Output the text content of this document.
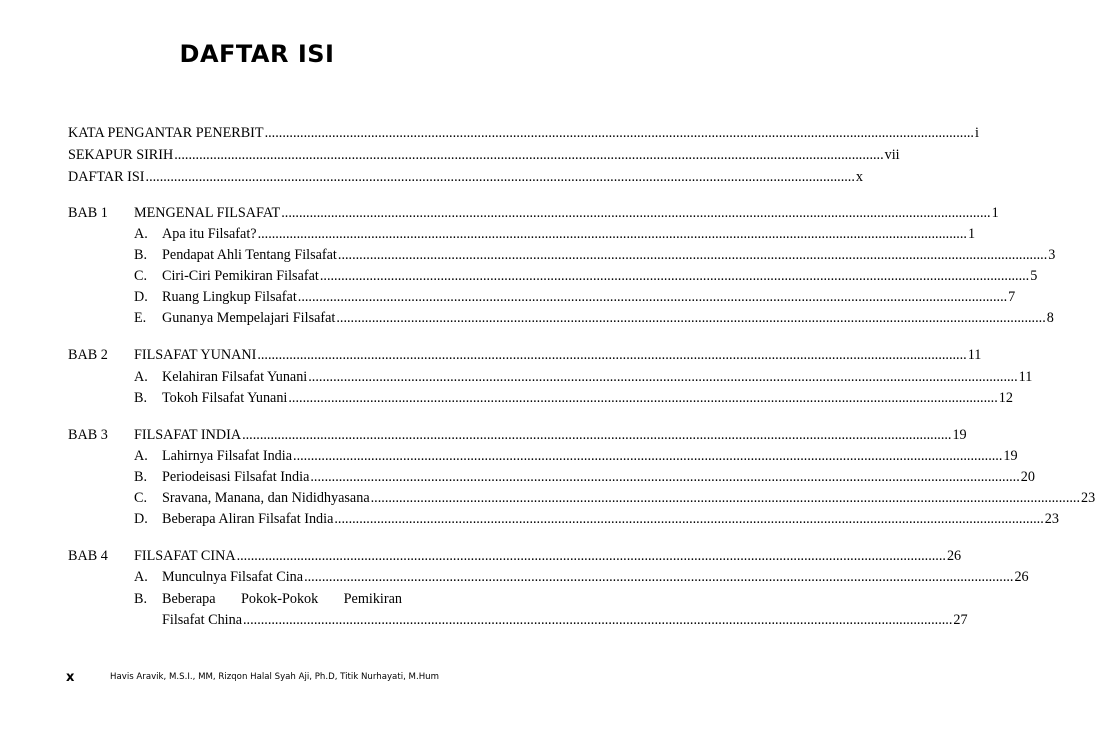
DAFTAR ISI
KATA PENGANTAR PENERBIT ........................................................................................................................................................................................................ i
SEKAPUR SIRIH ........................................................................................................................................................................................................ vii
DAFTAR ISI ........................................................................................................................................................................................................ x
BAB 1 MENGENAL FILSAFAT ........................................................................................................................................................................................................ 1
A. Apa itu Filsafat? ........................................................................................................................................................................................................ 1
B. Pendapat Ahli Tentang Filsafat ........................................................................................................................................................................................................ 3
C. Ciri-Ciri Pemikiran Filsafat ........................................................................................................................................................................................................ 5
D. Ruang Lingkup Filsafat ........................................................................................................................................................................................................ 7
E. Gunanya Mempelajari Filsafat ........................................................................................................................................................................................................ 8
BAB 2 FILSAFAT YUNANI ........................................................................................................................................................................................................ 11
A. Kelahiran Filsafat Yunani ........................................................................................................................................................................................................ 11
B. Tokoh Filsafat Yunani ........................................................................................................................................................................................................ 12
BAB 3 FILSAFAT INDIA ........................................................................................................................................................................................................ 19
A. Lahirnya Filsafat India ........................................................................................................................................................................................................ 19
B. Periodeisasi Filsafat India ........................................................................................................................................................................................................ 20
C. Sravana, Manana, dan Nididhyasana ........................................................................................................................................................................................................ 23
D. Beberapa Aliran Filsafat India ........................................................................................................................................................................................................ 23
BAB 4 FILSAFAT CINA ........................................................................................................................................................................................................ 26
A. Munculnya Filsafat Cina ........................................................................................................................................................................................................ 26
B. Beberapa Pokok-Pokok Pemikiran
Filsafat China ........................................................................................................................................................................................................ 27
x	Havis Aravik, M.S.I., MM, Rizqon Halal Syah Aji, Ph.D, Titik Nurhayati, M.Hum
